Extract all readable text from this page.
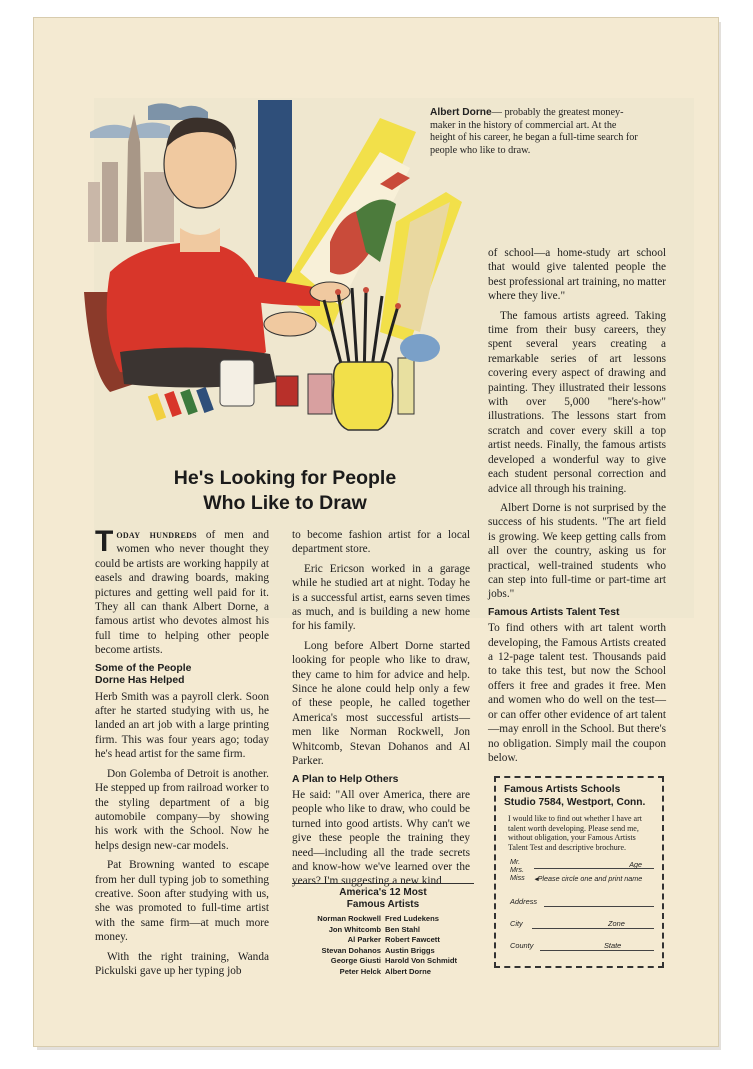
Albert Dorne— probably the greatest money-maker in the history of commercial art. At the height of his career, he began a full-time search for people who like to draw.
He's Looking for People
Who Like to Draw

Today hundreds of men and women who never thought they could be artists are working happily at easels and drawing boards, making pictures and getting well paid for it. They all can thank Albert Dorne, a famous artist who devotes almost his full time to helping other people become artists.

Some of the People
Dorne Has Helped

Herb Smith was a payroll clerk. Soon after he started studying with us, he landed an art job with a large printing firm. This was four years ago; today he's head artist for the same firm.

Don Golemba of Detroit is another. He stepped up from railroad worker to the styling department of a big automobile company—by showing his work with the School. Now he helps design new-car models.

Pat Browning wanted to escape from her dull typing job to something creative. Soon after studying with us, she was promoted to full-time artist with the same firm—at much more money.

With the right training, Wanda Pickulski gave up her typing job

to become fashion artist for a local department store.

Eric Ericson worked in a garage while he studied art at night. Today he is a successful artist, earns seven times as much, and is building a new home for his family.

Long before Albert Dorne started looking for people who like to draw, they came to him for advice and help. Since he alone could help only a few of these people, he called together America's most successful artists—men like Norman Rockwell, Jon Whitcomb, Stevan Dohanos and Al Parker.

A Plan to Help Others

He said: "All over America, there are people who like to draw, who could be turned into good artists. Why can't we give these people the training they need—including all the trade secrets and know-how we've learned over the years? I'm suggesting a new kind

America's 12 Most
Famous Artists
Norman Rockwell Fred Ludekens
Jon Whitcomb Ben Stahl
Al Parker Robert Fawcett
Stevan Dohanos Austin Briggs
George Giusti Harold Von Schmidt
Peter Helck Albert Dorne

of school—a home-study art school that would give talented people the best professional art training, no matter where they live."

The famous artists agreed. Taking time from their busy careers, they spent several years creating a remarkable series of art lessons covering every aspect of drawing and painting. They illustrated their lessons with over 5,000 "here's-how" illustrations. The lessons start from scratch and cover every skill a top artist needs. Finally, the famous artists developed a wonderful way to give each student personal correction and advice all through his training.

Albert Dorne is not surprised by the success of his students. "The art field is growing. We keep getting calls from all over the country, asking us for practical, well-trained students who can step into full-time or part-time art jobs."

Famous Artists Talent Test

To find others with art talent worth developing, the Famous Artists created a 12-page talent test. Thousands paid to take this test, but now the School offers it free and grades it free. Men and women who do well on the test—or can offer other evidence of art talent—may enroll in the School. But there's no obligation. Simply mail the coupon below.

Famous Artists Schools
Studio 7584, Westport, Conn.
I would like to find out whether I have art talent worth developing. Please send me, without obligation, your Famous Artists Talent Test and descriptive brochure.
Mr.
Mrs.
Miss
Age
◂Please circle one and print name
Address
City	Zone
County	State
